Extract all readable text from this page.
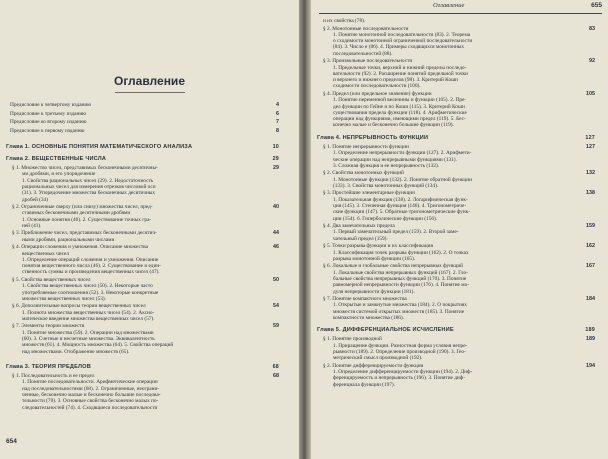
Оглавление
Предисловие к четвертому изданию	4
Предисловие к третьему изданию	6
Предисловие ко второму изданию	7
Предисловие к первому изданию	8
Глава 1. ОСНОВНЫЕ ПОНЯТИЯ МАТЕМАТИЧЕСКОГО АНАЛИЗА	10
Глава 2. ВЕЩЕСТВЕННЫЕ ЧИСЛА	29
§ 1. Множество чисел, представимых бесконечными десятичны-	29
ми дробями, и его упорядочение
1. Свойства рациональных чисел (29). 2. Недостаточность
рациональных чисел для измерения отрезков числовой оси
(31). 3. Упорядочение множества бесконечных десятичных
дробей (34)
§ 2. Ограниченные сверху (или снизу) множества чисел, пред-	40
ставимых бесконечными десятичными дробями
1. Основные понятия (40). 2. Существование точных гра-
ней (41).
§ 3. Приближение чисел, представимых бесконечными десятич-	44
ными дробями, рациональными числами
§ 4. Операции сложения и умножения. Описание множества	46
вещественных чисел
1. Определение операций сложения и умножения. Описание
понятия вещественного числа (46). 2. Существование и един-
ственность суммы и произведения вещественных чисел (47).
§ 5. Свойства вещественных чисел	50
1. Свойства вещественных чисел (50). 2. Некоторые часто
употребляемые соотношения (52). 3. Некоторые конкретные
множества вещественных чисел (53).
§ 6. Дополнительные вопросы теории вещественных чисел	54
1. Полнота множества вещественных чисел (54). 2. Аксио-
матическое введение множества вещественных чисел (57).
§ 7. Элементы теории множеств	59
1. Понятие множества (59). 2. Операции над множествами
(60). 3. Счетные и несчетные множества. Эквивалентность
множеств (61). 4. Мощность множества (64). 5. Свойства операций
над множествами. Отображение множеств (65).
Глава 3. ТЕОРИЯ ПРЕДЕЛОВ	68
§ 1. Последовательность и ее предел	68
1. Понятие последовательности. Арифметические операции
над последовательностями (68). 2. Ограниченные, неограни-
ченные, бесконечно малые и бесконечно большие последова-
тельности (70). 3. Основные свойства бесконечно малых по-
следовательностей (74). 4. Сходящиеся последовательности
654
Оглавление	655
и их свойства (78).
§ 2. Монотонные последовательности	83
1. Понятие монотонной последовательности (83). 2. Теорема
о сходимости монотонной ограниченной последовательности
(84). 3. Число е (86). 4. Примеры сходящихся монотонных
последовательностей (88).
§ 3. Произвольные последовательности	92
1. Предельные точки, верхний и нижний пределы последо-
вательности (92). 2. Расширение понятий предельной точки
и верхнего и нижнего пределов (98). 3. Критерий Коши
сходимости последовательности (100).
§ 4. Предел (или предельное значение) функции	105
1. Понятие переменной величины и функции (105). 2. Пре-
дел функции по Гейне и по Коши (115). 3. Критерий Коши
существования предела функции (118). 4. Арифметические
операции над функциями, имеющими предел (119). 5. Бес-
конечно малые и бесконечно большие функции (119).
Глава 4. НЕПРЕРЫВНОСТЬ ФУНКЦИИ	127
§ 1. Понятие непрерывности функции	127
1. Определение непрерывности функции (127). 2. Арифмети-
ческие операции над непрерывными функциями (131).
3. Сложная функция и ее непрерывность (132).
§ 2. Свойства монотонных функций	132
1. Монотонные функции (132). 2. Понятие обратной функции
(133). 3. Свойства монотонных функций (134).
§ 3. Простейшие элементарные функции	138
1. Показательная функция (138). 2. Логарифмическая функ-
ция (145). 3. Степенная функция (146). 4. Тригонометриче-
ские функции (147). 5. Обратные тригонометрические функ-
ции (154). 6. Гиперболические функции (156).
§ 4. Два замечательных предела	159
1. Первый замечательный предел (159). 2. Второй заме-
чательный предел (159).
§ 5. Точки разрыва функции и их классификация	162
1. Классификация точек разрыва функции (162). 2. О точках
разрыва монотонной функции (165).
§ 6. Локальные и глобальные свойства непрерывных функций	167
1. Локальные свойства непрерывных функций (167). 2. Гло-
бальные свойства непрерывных функций (170). 3. Понятие
равномерной непрерывности функции (176). 4. Понятие мо-
дуля непрерывности функции (181).
§ 7. Понятие компактного множества	184
1. Открытые и замкнутые множества (184). 2. О покрытиях
множеств системой открытых множеств (185). 3. Понятие
компактности множества (186).
Глава 5. ДИФФЕРЕНЦИАЛЬНОЕ ИСЧИСЛЕНИЕ	189
§ 1. Понятие производной	189
1. Приращение функции. Разностная форма условия непре-
рывности (189). 2. Определение производной (190). 3. Гео-
метрический смысл производной (192).
§ 2. Понятие дифференцируемости функции	194
1. Определение дифференцируемости функции (194). 2. Диф-
ференцируемость и непрерывность (196). 3. Понятие диф-
ференциала функции (197).
